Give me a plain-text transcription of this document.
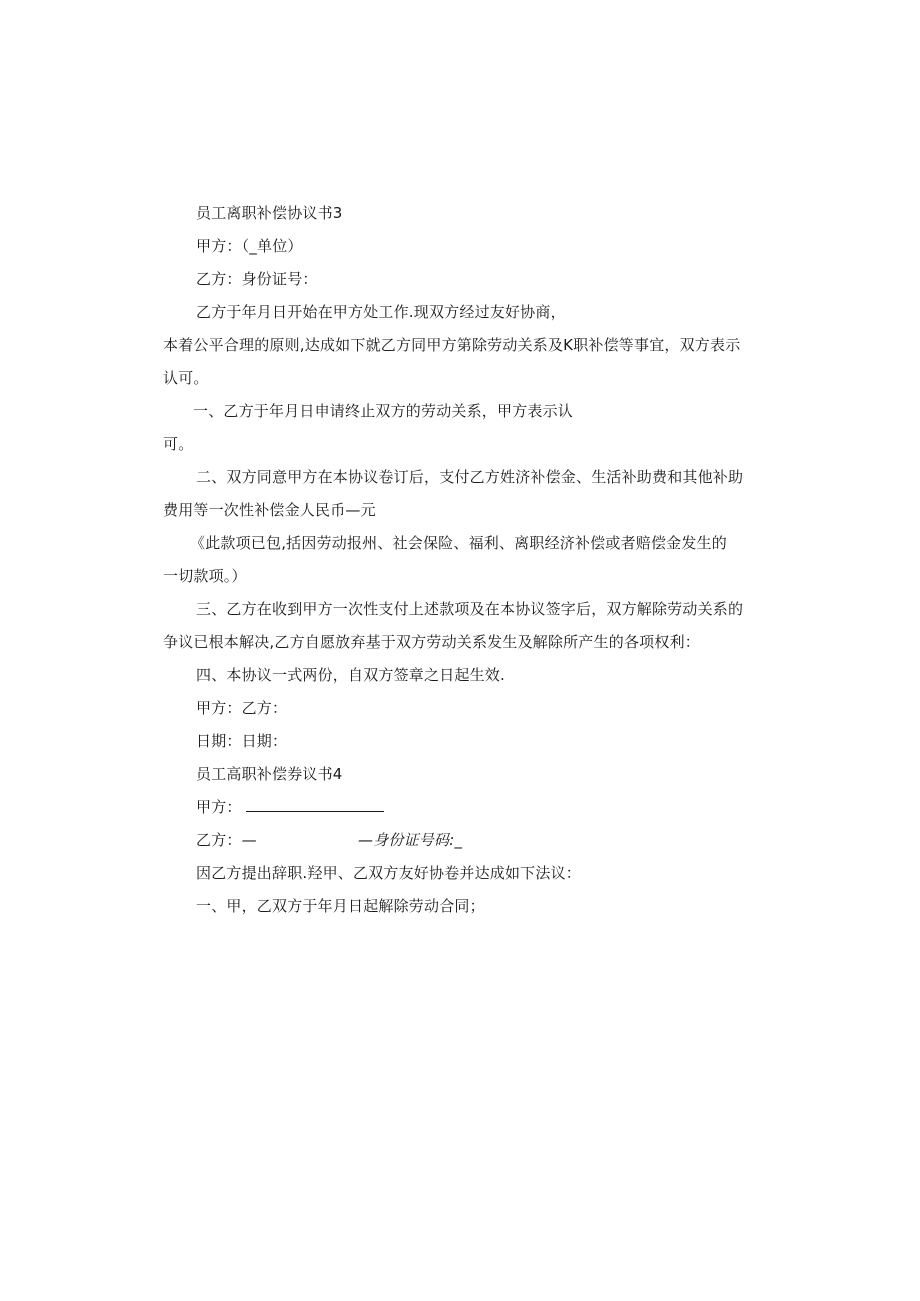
员工离职补偿协议书3
甲方：（_单位）
乙方：身份证号：
乙方于年月日开始在甲方处工作.现双方经过友好协商，
本着公平合理的原则,达成如下就乙方同甲方第除劳动关系及K职补偿等事宜，双方表示
认可。
一、乙方于年月日申请终止双方的劳动关系，甲方表示认
可。
二、双方同意甲方在本协议卷订后，支付乙方姓济补偿金、生活补助费和其他补助
费用等一次性补偿金人民币—元
《此款项已包,括因劳动报州、社会保险、福利、离职经济补偿或者赔偿金发生的
一切款项。）
三、乙方在收到甲方一次性支付上述款项及在本协议签字后，双方解除劳动关系的
争议已根本解决,乙方自愿放弃基于双方劳动关系发生及解除所产生的各项权利：
四、本协议一式两份，自双方签章之日起生效.
甲方：乙方：
日期：日期：
员工高职补偿券议书4
甲方：
乙方：—	—身份证号码:_
因乙方提出辞职.羟甲、乙双方友好协卷并达成如下法议：
一、甲，乙双方于年月日起解除劳动合同；
